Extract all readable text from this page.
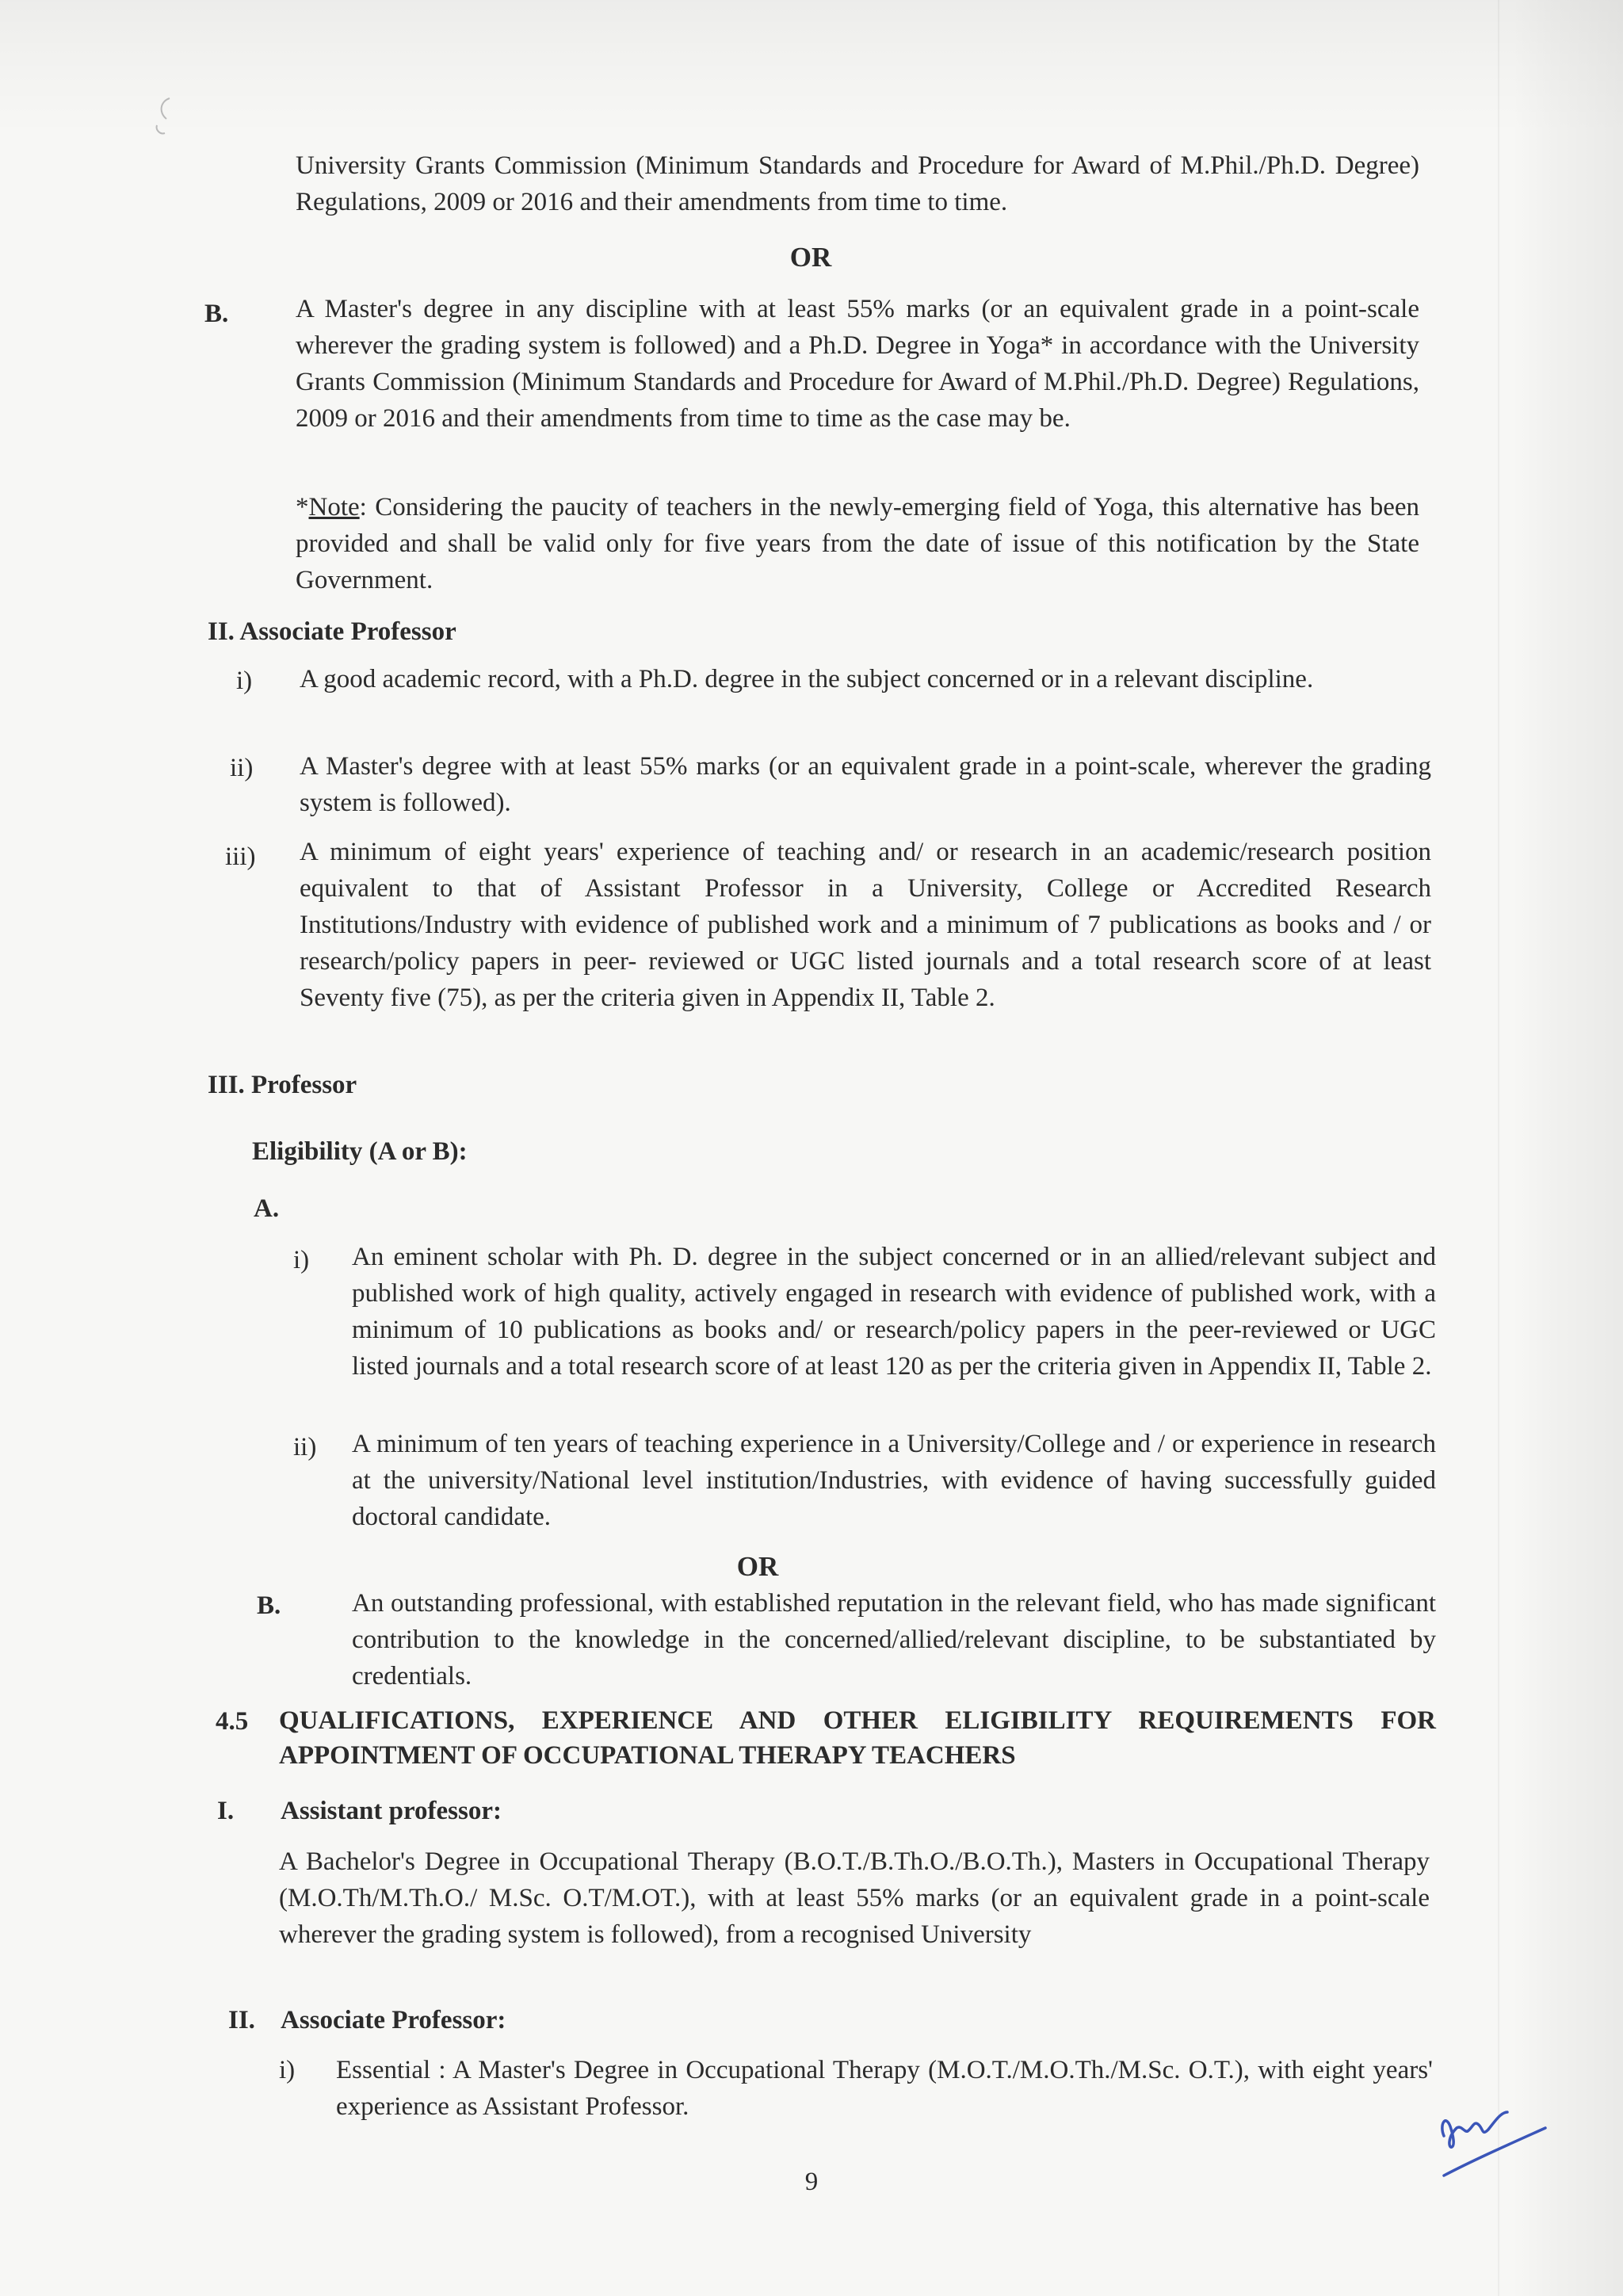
University Grants Commission (Minimum Standards and Procedure for Award of M.Phil./Ph.D. Degree) Regulations, 2009 or 2016 and their amendments from time to time.
OR
B.	A Master's degree in any discipline with at least 55% marks (or an equivalent grade in a point-scale wherever the grading system is followed) and a Ph.D. Degree in Yoga* in accordance with the University Grants Commission (Minimum Standards and Procedure for Award of M.Phil./Ph.D. Degree) Regulations, 2009 or 2016 and their amendments from time to time as the case may be.
*Note: Considering the paucity of teachers in the newly-emerging field of Yoga, this alternative has been provided and shall be valid only for five years from the date of issue of this notification by the State Government.
II. Associate Professor
i) A good academic record, with a Ph.D. degree in the subject concerned or in a relevant discipline.
ii) A Master's degree with at least 55% marks (or an equivalent grade in a point-scale, wherever the grading system is followed).
iii) A minimum of eight years' experience of teaching and/ or research in an academic/research position equivalent to that of Assistant Professor in a University, College or Accredited Research Institutions/Industry with evidence of published work and a minimum of 7 publications as books and / or research/policy papers in peer- reviewed or UGC listed journals and a total research score of at least Seventy five (75), as per the criteria given in Appendix II, Table 2.
III. Professor
Eligibility (A or B):
A.
i) An eminent scholar with Ph. D. degree in the subject concerned or in an allied/relevant subject and published work of high quality, actively engaged in research with evidence of published work, with a minimum of 10 publications as books and/ or research/policy papers in the peer-reviewed or UGC listed journals and a total research score of at least 120 as per the criteria given in Appendix II, Table 2.
ii) A minimum of ten years of teaching experience in a University/College and / or experience in research at the university/National level institution/Industries, with evidence of having successfully guided doctoral candidate.
OR
B.	An outstanding professional, with established reputation in the relevant field, who has made significant contribution to the knowledge in the concerned/allied/relevant discipline, to be substantiated by credentials.
4.5 QUALIFICATIONS, EXPERIENCE AND OTHER ELIGIBILITY REQUIREMENTS FOR APPOINTMENT OF OCCUPATIONAL THERAPY TEACHERS
I. Assistant professor:
A Bachelor's Degree in Occupational Therapy (B.O.T./B.Th.O./B.O.Th.), Masters in Occupational Therapy (M.O.Th/M.Th.O./ M.Sc. O.T/M.OT.), with at least 55% marks (or an equivalent grade in a point-scale wherever the grading system is followed), from a recognised University
II. Associate Professor:
i) Essential : A Master's Degree in Occupational Therapy (M.O.T./M.O.Th./M.Sc. O.T.), with eight years' experience as Assistant Professor.
9
